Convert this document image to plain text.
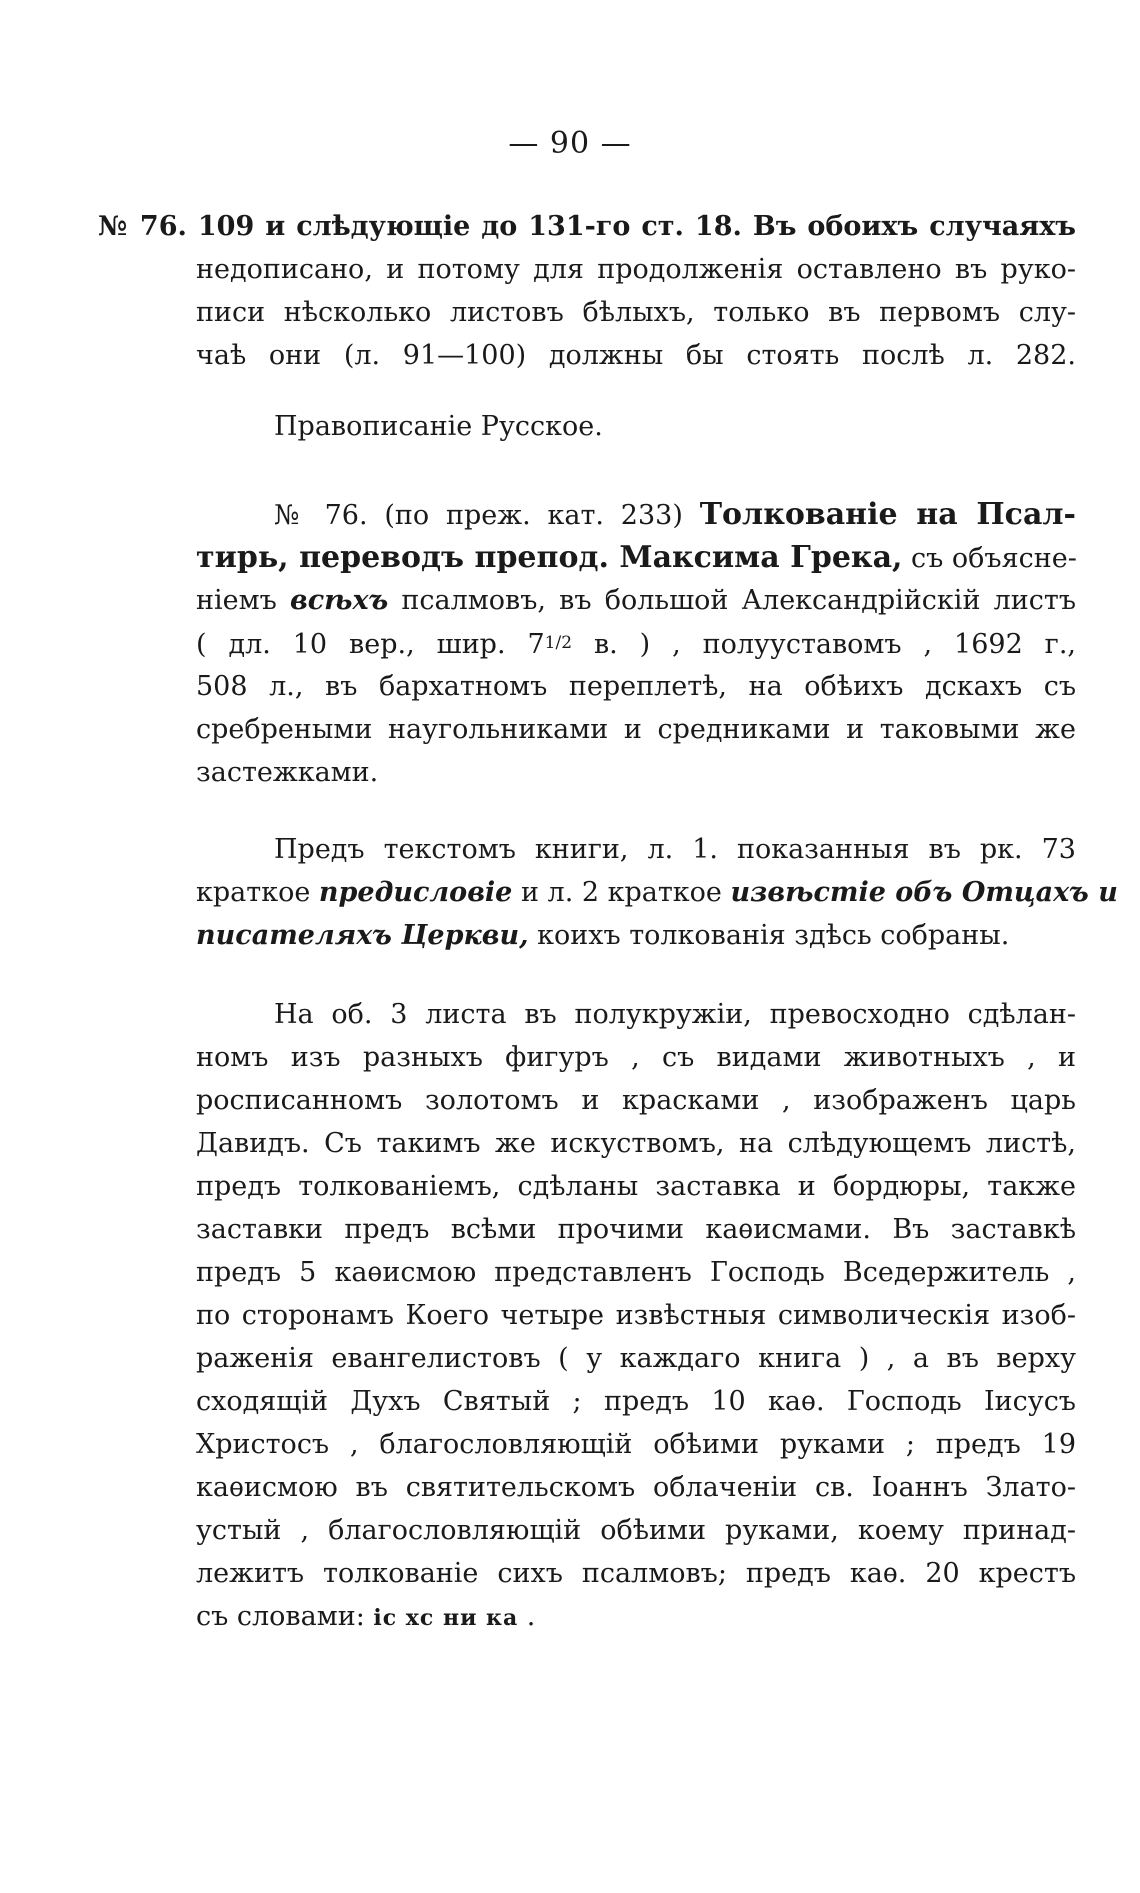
— 90 —
№ 76. 109 и слѣдующіе до 131-го ст. 18. Въ обоихъ случаяхъ
недописано, и потому для продолженія оставлено въ руко-
писи нѣсколько листовъ бѣлыхъ, только въ первомъ слу-
чаѣ они (л. 91—100) должны бы стоять послѣ л. 282.
Правописаніе Русское.
№ 76. (по преж. кат. 233) Толкованіе на Псал-
тирь, переводъ препод. Максима Грека, съ объясне-
ніемъ всѣхъ псалмовъ, въ большой Александрійскій листъ
( дл. 10 вер., шир. 71/2 в. ) , полууставомъ , 1692 г.,
508 л., въ бархатномъ переплетѣ, на обѣихъ дскахъ съ
сребреными наугольниками и средниками и таковыми же
застежками.
Предъ текстомъ книги, л. 1. показанныя въ рк. 73
краткое предисловіе и л. 2 краткое извѣстіе объ Отцахъ и
писателяхъ Церкви, коихъ толкованія здѣсь собраны.
На об. 3 листа въ полукружіи, превосходно сдѣлан-
номъ изъ разныхъ фигуръ , съ видами животныхъ , и
росписанномъ золотомъ и красками , изображенъ царь
Давидъ. Съ такимъ же искуствомъ, на слѣдующемъ листѣ,
предъ толкованіемъ, сдѣланы заставка и бордюры, также
заставки предъ всѣми прочими каѳисмами. Въ заставкѣ
предъ 5 каѳисмою представленъ Господь Вседержитель ,
по сторонамъ Коего четыре извѣстныя символическія изоб-
раженія евангелистовъ ( у каждаго книга ) , а въ верху
сходящій Духъ Святый ; предъ 10 каѳ. Господь Іисусъ
Христосъ , благословляющій обѣими руками ; предъ 19
каѳисмою въ святительскомъ облаченіи св. Іоаннъ Злато-
устый , благословляющій обѣими руками, коему принад-
лежитъ толкованіе сихъ псалмовъ; предъ каѳ. 20 крестъ
съ словами: іс хс ни ка .
